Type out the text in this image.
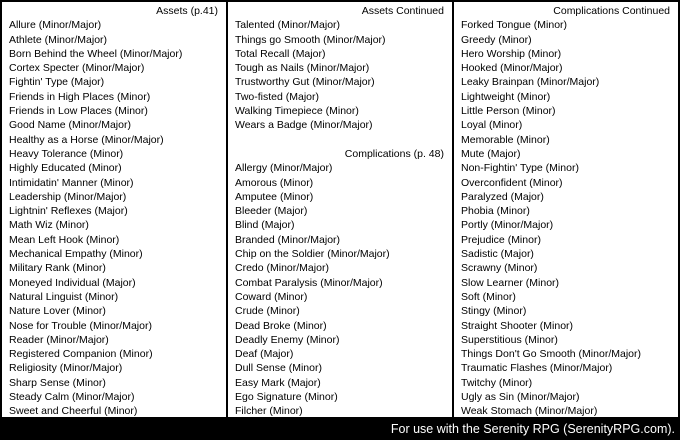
Assets (p.41)
Allure (Minor/Major)
Athlete (Minor/Major)
Born Behind the Wheel (Minor/Major)
Cortex Specter (Minor/Major)
Fightin' Type (Major)
Friends in High Places (Minor)
Friends in Low Places (Minor)
Good Name (Minor/Major)
Healthy as a Horse (Minor/Major)
Heavy Tolerance (Minor)
Highly Educated (Minor)
Intimidatin' Manner (Minor)
Leadership (Minor/Major)
Lightnin' Reflexes (Major)
Math Wiz (Minor)
Mean Left Hook (Minor)
Mechanical Empathy (Minor)
Military Rank (Minor)
Moneyed Individual (Major)
Natural Linguist (Minor)
Nature Lover (Minor)
Nose for Trouble (Minor/Major)
Reader (Minor/Major)
Registered Companion (Minor)
Religiosity (Minor/Major)
Sharp Sense (Minor)
Steady Calm (Minor/Major)
Sweet and Cheerful (Minor)
Assets Continued
Talented (Minor/Major)
Things go Smooth (Minor/Major)
Total Recall (Major)
Tough as Nails (Minor/Major)
Trustworthy Gut (Minor/Major)
Two-fisted (Major)
Walking Timepiece (Minor)
Wears a Badge (Minor/Major)
Complications (p. 48)
Allergy (Minor/Major)
Amorous (Minor)
Amputee (Minor)
Bleeder (Major)
Blind (Major)
Branded (Minor/Major)
Chip on the Soldier (Minor/Major)
Credo (Minor/Major)
Combat Paralysis (Minor/Major)
Coward (Minor)
Crude (Minor)
Dead Broke (Minor)
Deadly Enemy (Minor)
Deaf (Major)
Dull Sense (Minor)
Easy Mark (Major)
Ego Signature (Minor)
Filcher (Minor)
Complications Continued
Forked Tongue (Minor)
Greedy (Minor)
Hero Worship (Minor)
Hooked (Minor/Major)
Leaky Brainpan (Minor/Major)
Lightweight (Minor)
Little Person (Minor)
Loyal (Minor)
Memorable (Minor)
Mute (Major)
Non-Fightin' Type (Minor)
Overconfident (Minor)
Paralyzed (Major)
Phobia (Minor)
Portly (Minor/Major)
Prejudice (Minor)
Sadistic (Major)
Scrawny (Minor)
Slow Learner (Minor)
Soft (Minor)
Stingy (Minor)
Straight Shooter (Minor)
Superstitious (Minor)
Things Don't Go Smooth (Minor/Major)
Traumatic Flashes (Minor/Major)
Twitchy (Minor)
Ugly as Sin (Minor/Major)
Weak Stomach (Minor/Major)
For use with the Serenity RPG (SerenityRPG.com).
